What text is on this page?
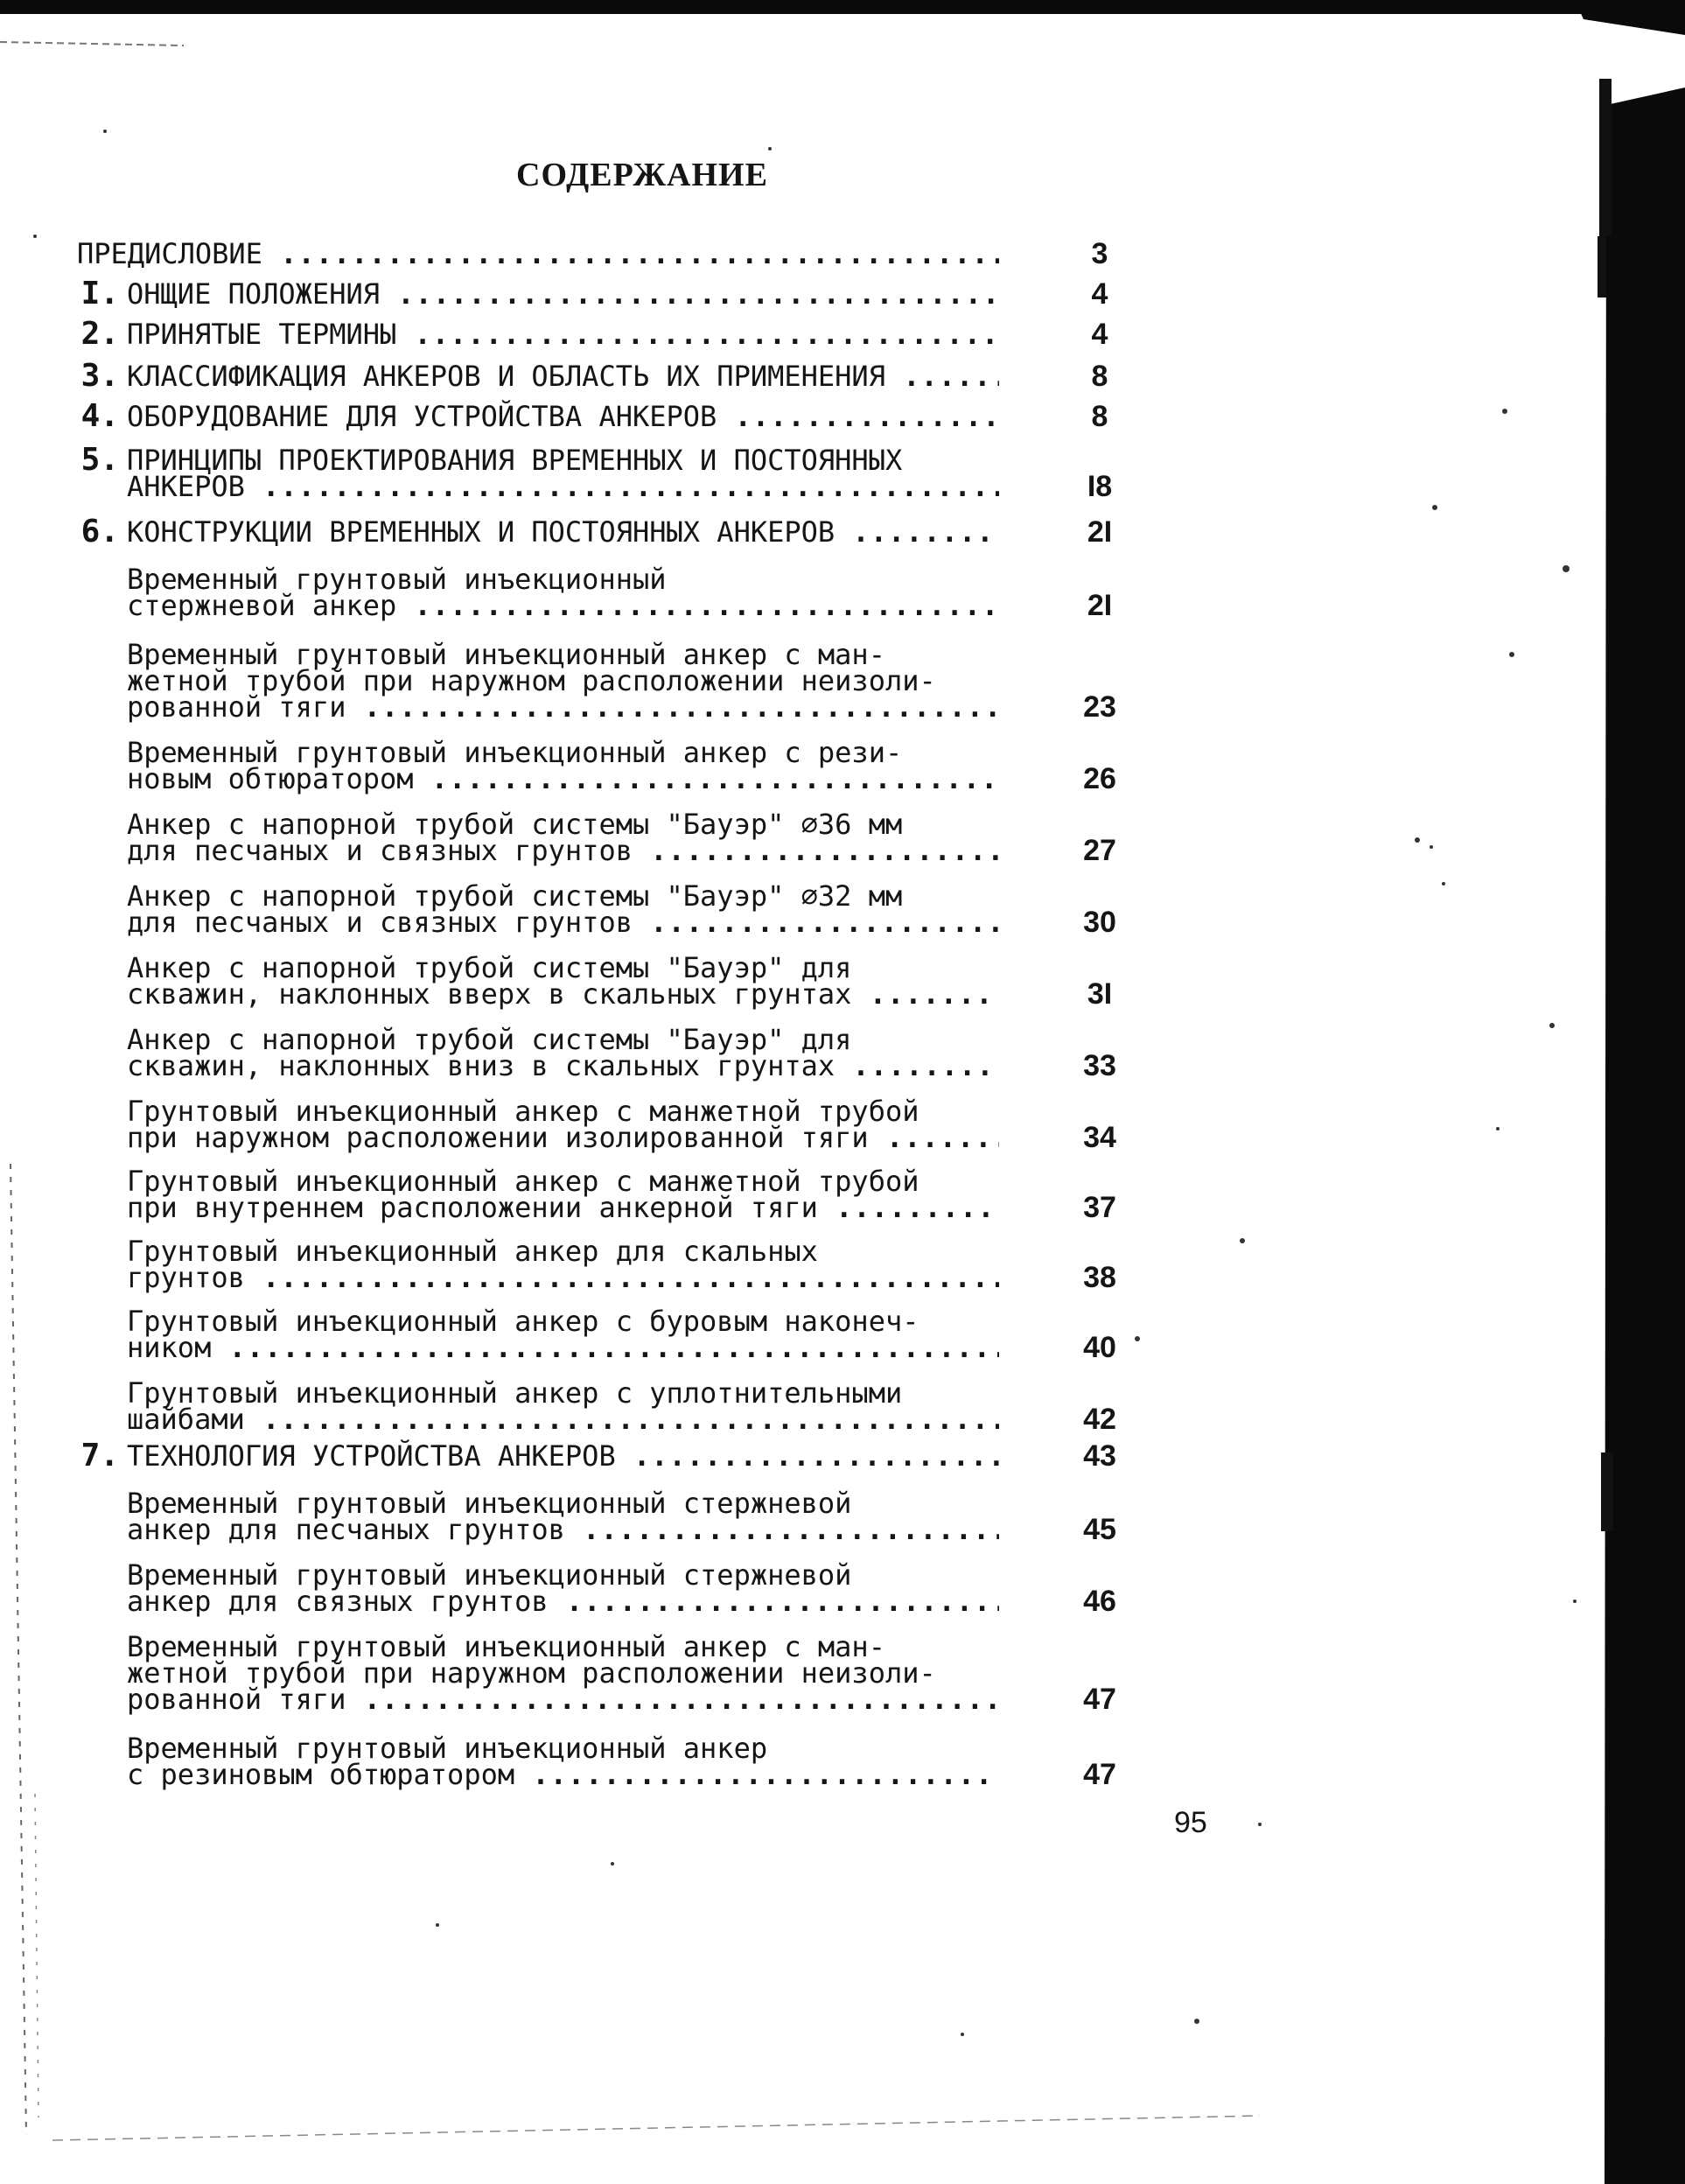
СОДЕРЖАНИЕ
ПРЕДИСЛОВИЕ .....	3
I. ОНЩИЕ ПОЛОЖЕНИЯ .....	4
2. ПРИНЯТЫЕ ТЕРМИНЫ .....	4
3. КЛАССИФИКАЦИЯ АНКЕРОВ И ОБЛАСТЬ ИХ ПРИМЕНЕНИЯ .....	8
4. ОБОРУДОВАНИЕ ДЛЯ УСТРОЙСТВА АНКЕРОВ .....	8
5. ПРИНЦИПЫ ПРОЕКТИРОВАНИЯ ВРЕМЕННЫХ И ПОСТОЯННЫХ
АНКЕРОВ .....	I8
6. КОНСТРУКЦИИ ВРЕМЕННЫХ И ПОСТОЯННЫХ АНКЕРОВ .....	2I
Временный грунтовый инъекционный
стержневой анкер .....	2I
Временный грунтовый инъекционный анкер с ман-
жетной трубой при наружном расположении неизоли-
рованной тяги .....	23
Временный грунтовый инъекционный анкер с рези-
новым обтюратором .....	26
Анкер с напорной трубой системы "Бауэр" ∅36 мм
для песчаных и связных грунтов .....	27
Анкер с напорной трубой системы "Бауэр" ∅32 мм
для песчаных и связных грунтов .....	30
Анкер с напорной трубой системы "Бауэр" для
скважин, наклонных вверх в скальных грунтах .....	3I
Анкер с напорной трубой системы "Бауэр" для
скважин, наклонных вниз в скальных грунтах .....	33
Грунтовый инъекционный анкер с манжетной трубой
при наружном расположении изолированной тяги .....	34
Грунтовый инъекционный анкер с манжетной трубой
при внутреннем расположении анкерной тяги .....	37
Грунтовый инъекционный анкер для скальных
грунтов .....	38
Грунтовый инъекционный анкер с буровым наконеч-
ником .....	40
Грунтовый инъекционный анкер с уплотнительными
шайбами .....	42
7. ТЕХНОЛОГИЯ УСТРОЙСТВА АНКЕРОВ .....	43
Временный грунтовый инъекционный стержневой
анкер для песчаных грунтов .....	45
Временный грунтовый инъекционный стержневой
анкер для связных грунтов .....	46
Временный грунтовый инъекционный анкер с ман-
жетной трубой при наружном расположении неизоли-
рованной тяги .....	47
Временный грунтовый инъекционный анкер
с резиновым обтюратором .....	47
95
